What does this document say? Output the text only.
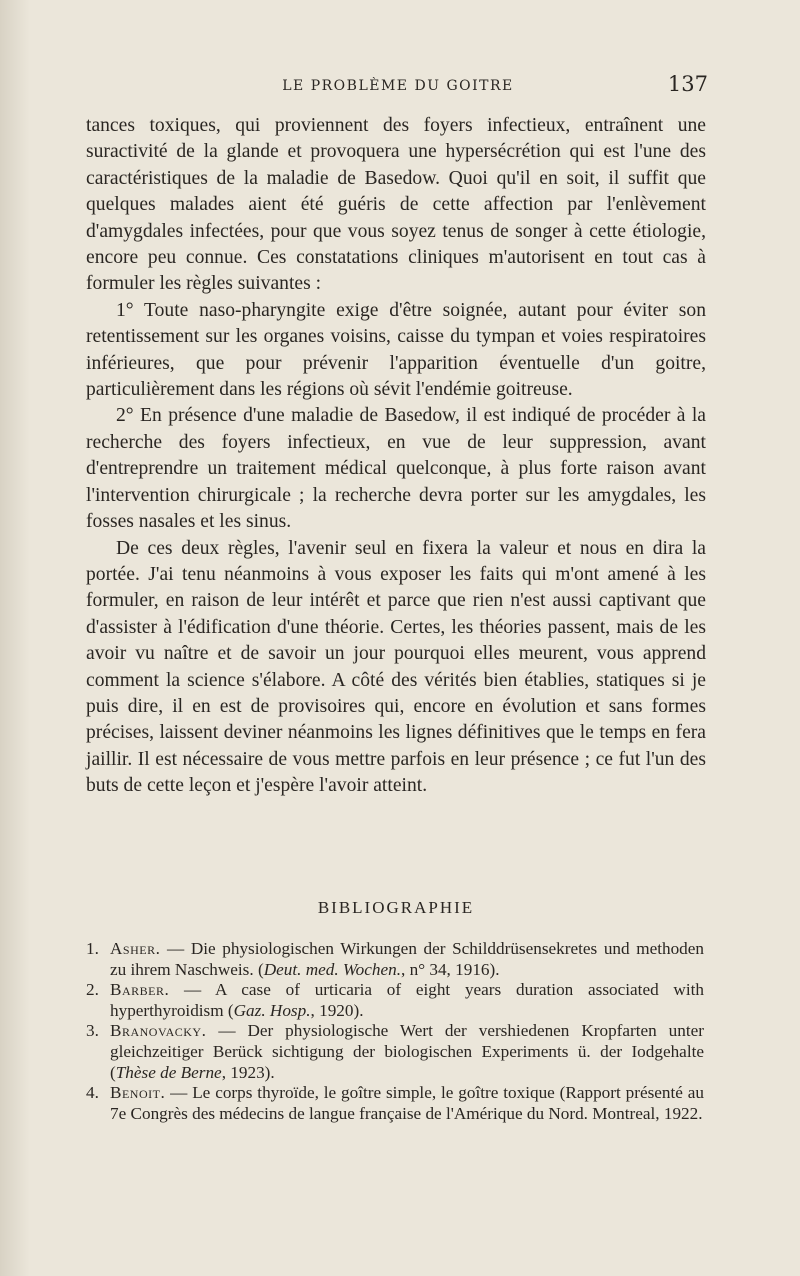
LE PROBLÈME DU GOITRE	137

tances toxiques, qui proviennent des foyers infectieux, entraînent une suractivité de la glande et provoquera une hypersécrétion qui est l'une des caractéristiques de la maladie de Basedow. Quoi qu'il en soit, il suffit que quelques malades aient été guéris de cette affection par l'enlèvement d'amygdales infectées, pour que vous soyez tenus de songer à cette étiologie, encore peu connue. Ces constatations cliniques m'autorisent en tout cas à formuler les règles suivantes :

1° Toute naso-pharyngite exige d'être soignée, autant pour éviter son retentissement sur les organes voisins, caisse du tympan et voies respiratoires inférieures, que pour prévenir l'apparition éventuelle d'un goitre, particulièrement dans les régions où sévit l'endémie goitreuse.

2° En présence d'une maladie de Basedow, il est indiqué de procéder à la recherche des foyers infectieux, en vue de leur suppression, avant d'entreprendre un traitement médical quelconque, à plus forte raison avant l'intervention chirurgicale ; la recherche devra porter sur les amygdales, les fosses nasales et les sinus.

De ces deux règles, l'avenir seul en fixera la valeur et nous en dira la portée. J'ai tenu néanmoins à vous exposer les faits qui m'ont amené à les formuler, en raison de leur intérêt et parce que rien n'est aussi captivant que d'assister à l'édification d'une théorie. Certes, les théories passent, mais de les avoir vu naître et de savoir un jour pourquoi elles meurent, vous apprend comment la science s'élabore. A côté des vérités bien établies, statiques si je puis dire, il en est de provisoires qui, encore en évolution et sans formes précises, laissent deviner néanmoins les lignes définitives que le temps en fera jaillir. Il est nécessaire de vous mettre parfois en leur présence ; ce fut l'un des buts de cette leçon et j'espère l'avoir atteint.

BIBLIOGRAPHIE
1. Asher. — Die physiologischen Wirkungen der Schilddrüsensekretes und methoden zu ihrem Naschweis. (Deut. med. Wochen., n° 34, 1916).
2. Barber. — A case of urticaria of eight years duration associated with hyperthyroidism (Gaz. Hosp., 1920).
3. Branovacky. — Der physiologische Wert der vershiedenen Kropfarten unter gleichzeitiger Berück sichtigung der biologischen Experiments ü. der Iodgehalte (Thèse de Berne, 1923).
4. Benoit. — Le corps thyroïde, le goître simple, le goître toxique (Rapport présenté au 7e Congrès des médecins de langue française de l'Amérique du Nord. Montreal, 1922.
